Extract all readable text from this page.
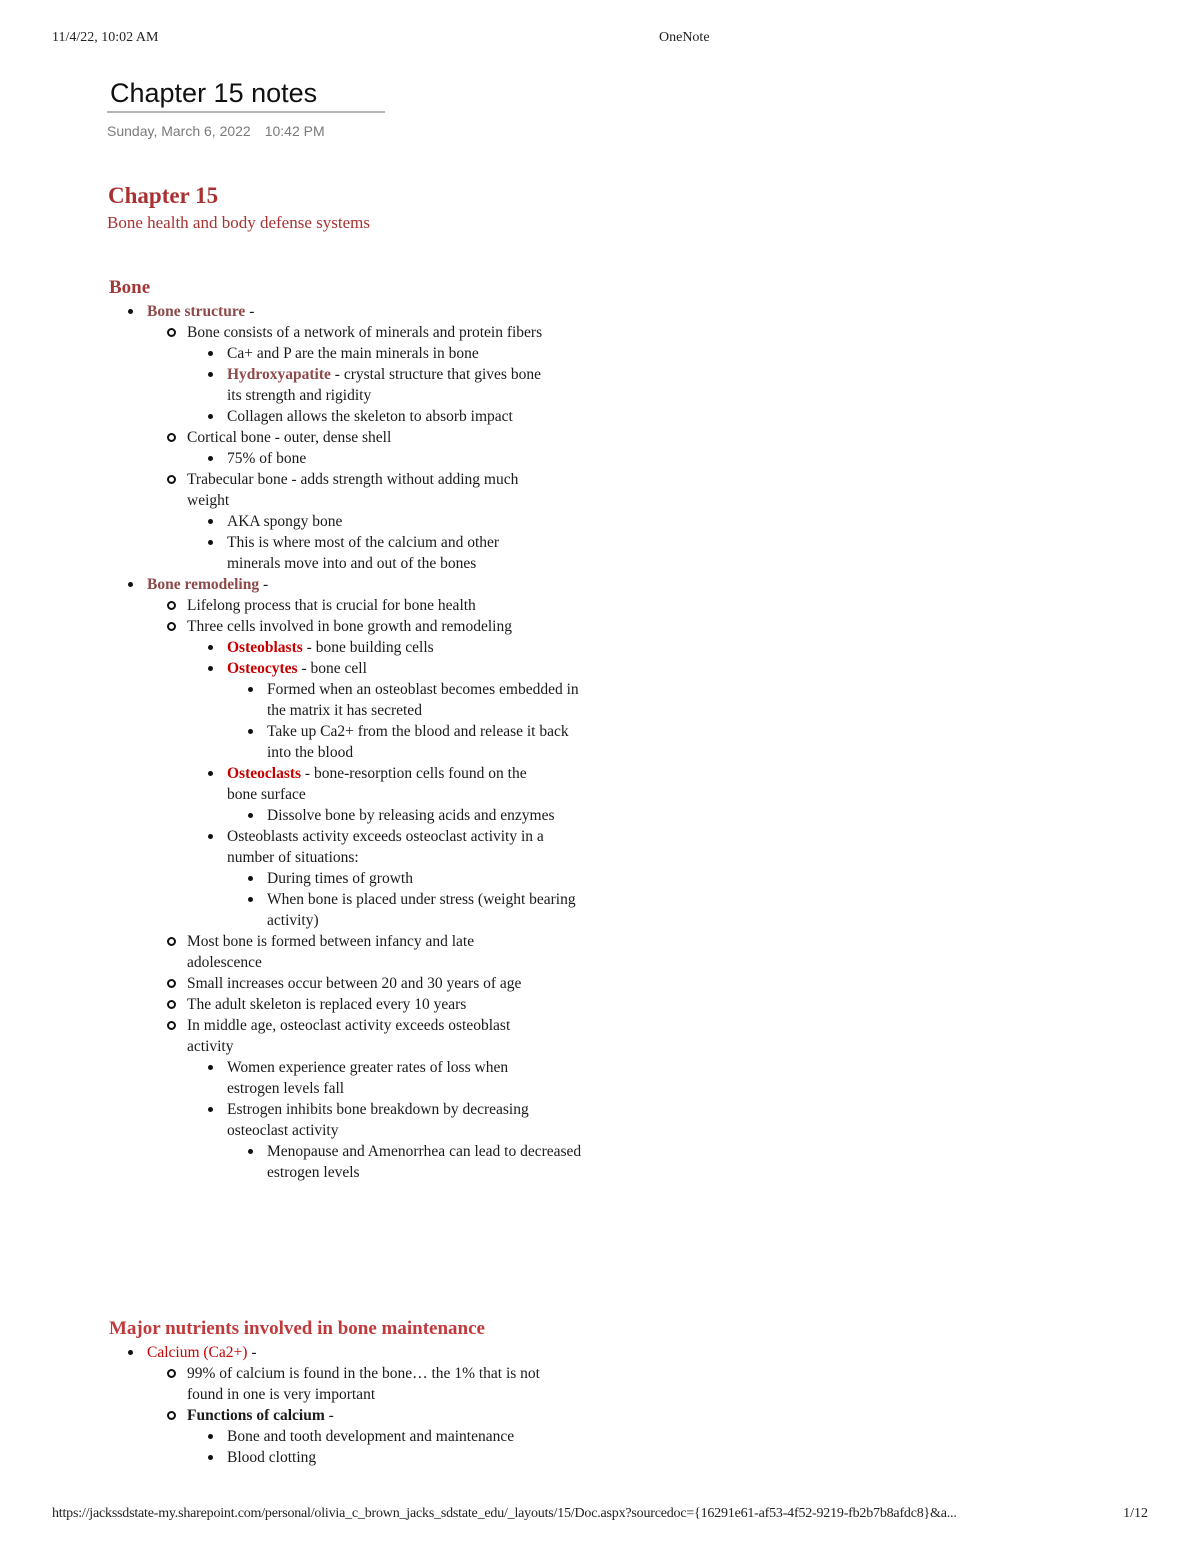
11/4/22, 10:02 AM	OneNote
Chapter 15 notes
Sunday, March 6, 2022 10:42 PM
Chapter 15
Bone health and body defense systems
Bone
Bone structure -
Bone consists of a network of minerals and protein fibers
Ca+ and P are the main minerals in bone
Hydroxyapatite - crystal structure that gives bone its strength and rigidity
Collagen allows the skeleton to absorb impact
Cortical bone - outer, dense shell
75% of bone
Trabecular bone - adds strength without adding much weight
AKA spongy bone
This is where most of the calcium and other minerals move into and out of the bones
Bone remodeling -
Lifelong process that is crucial for bone health
Three cells involved in bone growth and remodeling
Osteoblasts - bone building cells
Osteocytes - bone cell
Formed when an osteoblast becomes embedded in the matrix it has secreted
Take up Ca2+ from the blood and release it back into the blood
Osteoclasts - bone-resorption cells found on the bone surface
Dissolve bone by releasing acids and enzymes
Osteoblasts activity exceeds osteoclast activity in a number of situations:
During times of growth
When bone is placed under stress (weight bearing activity)
Most bone is formed between infancy and late adolescence
Small increases occur between 20 and 30 years of age
The adult skeleton is replaced every 10 years
In middle age, osteoclast activity exceeds osteoblast activity
Women experience greater rates of loss when estrogen levels fall
Estrogen inhibits bone breakdown by decreasing osteoclast activity
Menopause and Amenorrhea can lead to decreased estrogen levels
Major nutrients involved in bone maintenance
Calcium (Ca2+) -
99% of calcium is found in the bone… the 1% that is not found in one is very important
Functions of calcium -
Bone and tooth development and maintenance
Blood clotting
https://jackssdstate-my.sharepoint.com/personal/olivia_c_brown_jacks_sdstate_edu/_layouts/15/Doc.aspx?sourcedoc={16291e61-af53-4f52-9219-fb2b7b8afdc8}&a...	1/12
